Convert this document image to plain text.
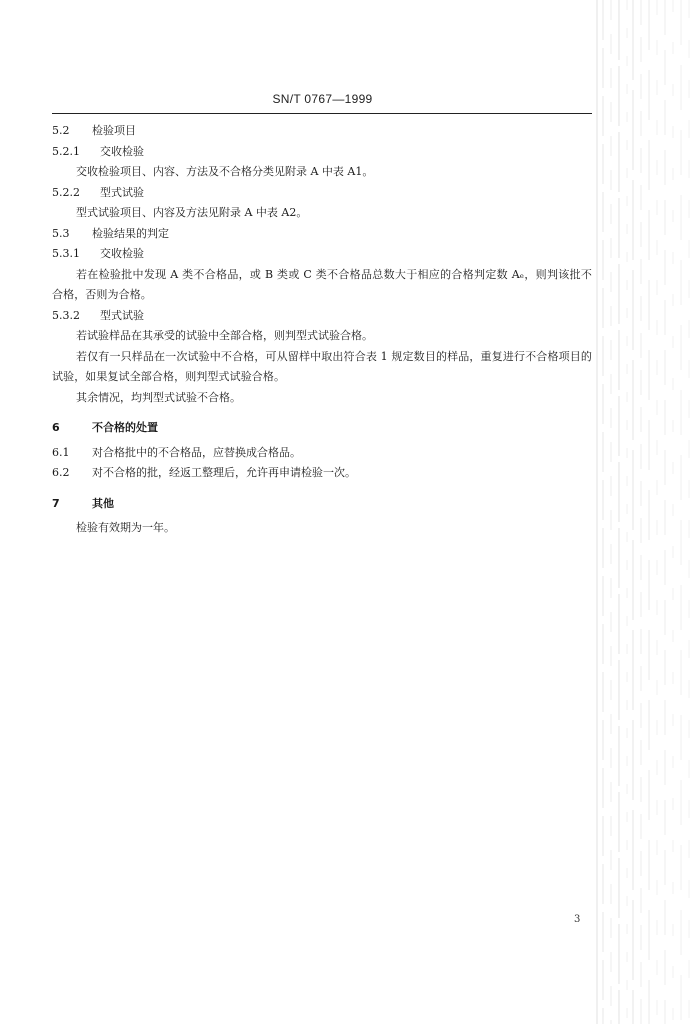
SN/T 0767—1999
5.2 检验项目
5.2.1 交收检验
交收检验项目、内容、方法及不合格分类见附录 A 中表 A1。
5.2.2 型式试验
型式试验项目、内容及方法见附录 A 中表 A2。
5.3 检验结果的判定
5.3.1 交收检验
若在检验批中发现 A 类不合格品，或 B 类或 C 类不合格品总数大于相应的合格判定数 Aₑ，则判该批不合格，否则为合格。
5.3.2 型式试验
若试验样品在其承受的试验中全部合格，则判型式试验合格。
若仅有一只样品在一次试验中不合格，可从留样中取出符合表 1 规定数目的样品，重复进行不合格项目的试验，如果复试全部合格，则判型式试验合格。
其余情况，均判型式试验不合格。
6	不合格的处置
6.1 对合格批中的不合格品，应替换成合格品。
6.2 对不合格的批，经返工整理后，允许再申请检验一次。
7	其他
检验有效期为一年。
3
